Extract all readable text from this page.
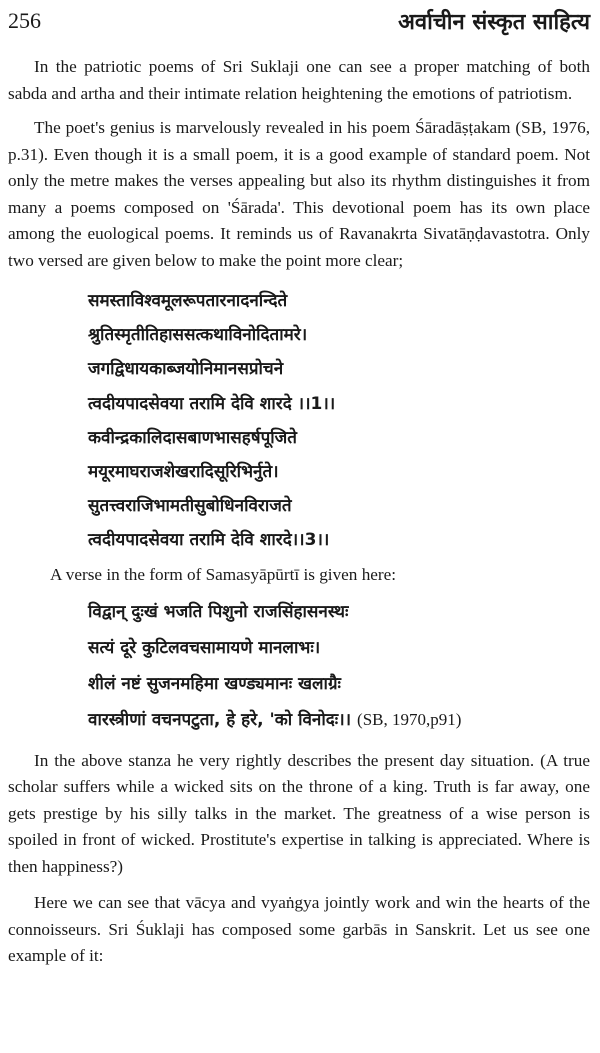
256	अर्वाचीन संस्कृत साहित्य

In the patriotic poems of Sri Suklaji one can see a proper matching of both sabda and artha and their intimate relation heightening the emotions of patriotism.

The poet's genius is marvelously revealed in his poem Śāradāṣṭakam (SB, 1976, p.31). Even though it is a small poem, it is a good example of standard poem. Not only the metre makes the verses appealing but also its rhythm distinguishes it from many a poems composed on 'Śārada'. This devotional poem has its own place among the euological poems. It reminds us of Ravanakrta Sivatāṇḍavastotra. Only two versed are given below to make the point more clear;

समस्ताविश्वमूलरूपतारनादनन्दिते
श्रुतिस्मृतीतिहाससत्कथाविनोदितामरे।
जगद्विधायकाब्जयोनिमानसप्रोचने
त्वदीयपादसेवया तरामि देवि शारदे ।।1।।
कवीन्द्रकालिदासबाणभासहर्षपूजिते
मयूरमाघराजशेखरादिसूरिभिर्नुते।
सुतत्त्वराजिभामतीसुबोधिनविराजते
त्वदीयपादसेवया तरामि देवि शारदे।।3।।

A verse in the form of Samasyāpūrtī is given here:

विद्वान् दुःखं भजति पिशुनो राजसिंहासनस्थः
सत्यं दूरे कुटिलवचसामायणे मानलाभः।
शीलं नष्टं सुजनमहिमा खण्ड्यमानः खलाग्रैः
वारस्त्रीणां वचनपटुता, हे हरे, 'को विनोदः।। (SB, 1970,p91)

In the above stanza he very rightly describes the present day situation. (A true scholar suffers while a wicked sits on the throne of a king. Truth is far away, one gets prestige by his silly talks in the market. The greatness of a wise person is spoiled in front of wicked. Prostitute's expertise in talking is appreciated. Where is then happiness?)

Here we can see that vācya and vyaṅgya jointly work and win the hearts of the connoisseurs. Sri Śuklaji has composed some garbās in Sanskrit. Let us see one example of it:
